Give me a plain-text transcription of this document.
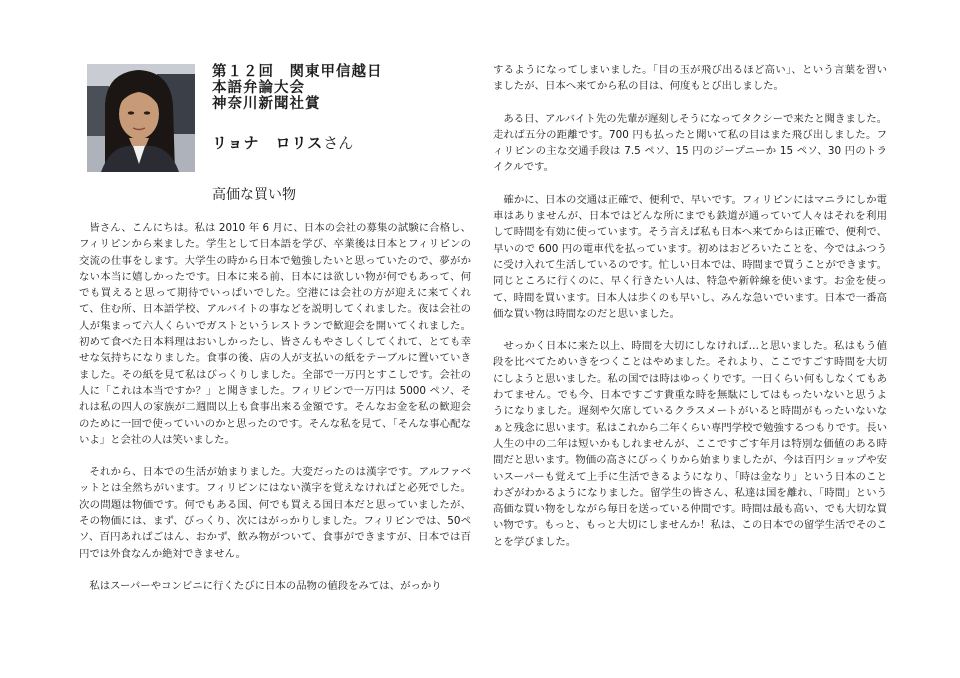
第１２回　関東甲信越日

本語弁論大会

神奈川新聞社賞

リョナ　ロリスさん
高価な買い物

皆さん、こんにちは。私は 2010 年 6 月に、日本の会社の募集の試験に合格し、フィリピンから来ました。学生として日本語を学び、卒業後は日本とフィリピンの交流の仕事をします。大学生の時から日本で勉強したいと思っていたので、夢がかない本当に嬉しかったです。日本に来る前、日本には欲しい物が何でもあって、何でも買えると思って期待でいっぱいでした。空港には会社の方が迎えに来てくれて、住む所、日本語学校、アルバイトの事などを説明してくれました。夜は会社の人が集まって六人くらいでガストというレストランで歓迎会を開いてくれました。初めて食べた日本料理はおいしかったし、皆さんもやさしくしてくれて、とても幸せな気持ちになりました。食事の後、店の人が支払いの紙をテーブルに置いていきました。その紙を見て私はびっくりしました。全部で一万円とすこしです。会社の人に「これは本当ですか？」と聞きました。フィリピンで一万円は 5000 ペソ、それは私の四人の家族が二週間以上も食事出来る金額です。そんなお金を私の歓迎会のために一回で使っていいのかと思ったのです。そんな私を見て、「そんな事心配ないよ」と会社の人は笑いました。

それから、日本での生活が始まりました。大変だったのは漢字です。アルファベットとは全然ちがいます。フィリピンにはない漢字を覚えなければと必死でした。次の問題は物価です。何でもある国、何でも買える国日本だと思っていましたが、その物価には、まず、びっくり、次にはがっかりしました。フィリピンでは、50ペソ、百円あればごはん、おかず、飲み物がついて、食事ができますが、日本では百円では外食なんか絶対できません。

私はスーパーやコンビニに行くたびに日本の品物の値段をみては、がっかり

するようになってしまいました。「目の玉が飛び出るほど高い」、という言葉を習いましたが、日本へ来てから私の目は、何度もとび出しました。

ある日、アルバイト先の先輩が遅刻しそうになってタクシーで来たと聞きました。走れば五分の距離です。700 円も払ったと聞いて私の目はまた飛び出しました。フィリピンの主な交通手段は 7.5 ペソ、15 円のジープニーか 15 ペソ、30 円のトライクルです。

確かに、日本の交通は正確で、便利で、早いです。フィリピンにはマニラにしか電車はありませんが、日本ではどんな所にまでも鉄道が通っていて人々はそれを利用して時間を有効に使っています。そう言えば私も日本へ来てからは正確で、便利で、早いので 600 円の電車代を払っています。初めはおどろいたことを、今ではふつうに受け入れて生活しているのです。忙しい日本では、時間まで買うことができます。同じところに行くのに、早く行きたい人は、特急や新幹線を使います。お金を使って、時間を買います。日本人は歩くのも早いし、みんな急いでいます。日本で一番高価な買い物は時間なのだと思いました。

せっかく日本に来た以上、時間を大切にしなければ…と思いました。私はもう値段を比べてためいきをつくことはやめました。それより、ここですごす時間を大切にしようと思いました。私の国では時はゆっくりです。一日くらい何もしなくてもあわてません。でも今、日本ですごす貴重な時を無駄にしてはもったいないと思うようになりました。遅刻や欠席しているクラスメートがいると時間がもったいないなぁと残念に思います。私はこれから二年くらい専門学校で勉強するつもりです。長い人生の中の二年は短いかもしれませんが、ここですごす年月は特別な価値のある時間だと思います。物価の高さにびっくりから始まりましたが、今は百円ショップや安いスーパーも覚えて上手に生活できるようになり、「時は金なり」という日本のことわざがわかるようになりました。留学生の皆さん、私達は国を離れ、「時間」という高価な買い物をしながら毎日を送っている仲間です。時間は最も高い、でも大切な買い物です。もっと、もっと大切にしませんか！私は、この日本での留学生活でそのことを学びました。
